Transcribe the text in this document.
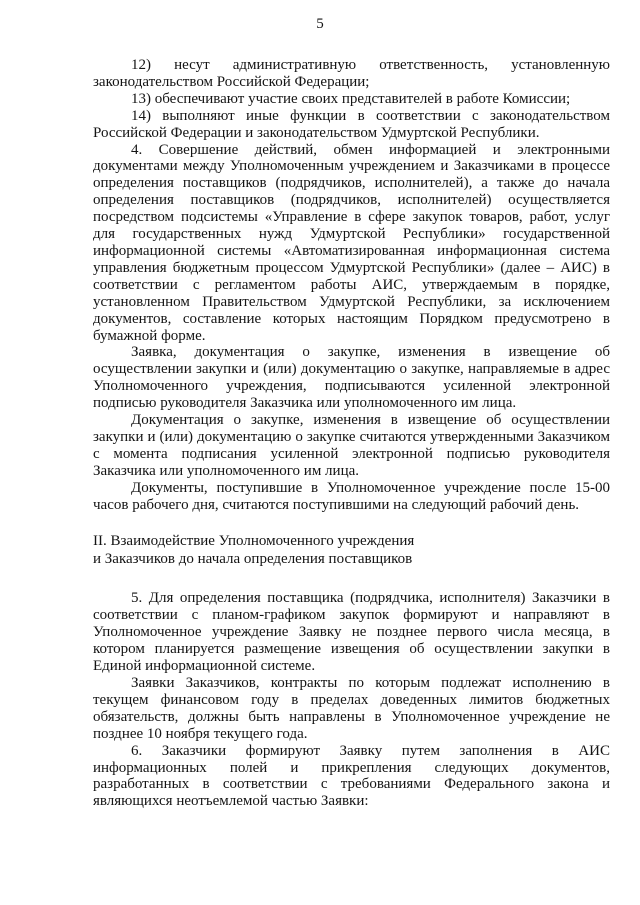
5

12) несут административную ответственность, установленную законодательством Российской Федерации;

13) обеспечивают участие своих представителей в работе Комиссии;

14) выполняют иные функции в соответствии с законодательством Российской Федерации и законодательством Удмуртской Республики.

4. Совершение действий, обмен информацией и электронными документами между Уполномоченным учреждением и Заказчиками в процессе определения поставщиков (подрядчиков, исполнителей), а также до начала определения поставщиков (подрядчиков, исполнителей) осуществляется посредством подсистемы «Управление в сфере закупок товаров, работ, услуг для государственных нужд Удмуртской Республики» государственной информационной системы «Автоматизированная информационная система управления бюджетным процессом Удмуртской Республики» (далее – АИС) в соответствии с регламентом работы АИС, утверждаемым в порядке, установленном Правительством Удмуртской Республики, за исключением документов, составление которых настоящим Порядком предусмотрено в бумажной форме.

Заявка, документация о закупке, изменения в извещение об осуществлении закупки и (или) документацию о закупке, направляемые в адрес Уполномоченного учреждения, подписываются усиленной электронной подписью руководителя Заказчика или уполномоченного им лица.

Документация о закупке, изменения в извещение об осуществлении закупки и (или) документацию о закупке считаются утвержденными Заказчиком с момента подписания усиленной электронной подписью руководителя Заказчика или уполномоченного им лица.

Документы, поступившие в Уполномоченное учреждение после 15-00 часов рабочего дня, считаются поступившими на следующий рабочий день.

II. Взаимодействие Уполномоченного учреждения

и Заказчиков до начала определения поставщиков

5. Для определения поставщика (подрядчика, исполнителя) Заказчики в соответствии с планом-графиком закупок формируют и направляют в Уполномоченное учреждение Заявку не позднее первого числа месяца, в котором планируется размещение извещения об осуществлении закупки в Единой информационной системе.

Заявки Заказчиков, контракты по которым подлежат исполнению в текущем финансовом году в пределах доведенных лимитов бюджетных обязательств, должны быть направлены в Уполномоченное учреждение не позднее 10 ноября текущего года.

6. Заказчики формируют Заявку путем заполнения в АИС информационных полей и прикрепления следующих документов, разработанных в соответствии с требованиями Федерального закона и являющихся неотъемлемой частью Заявки:
